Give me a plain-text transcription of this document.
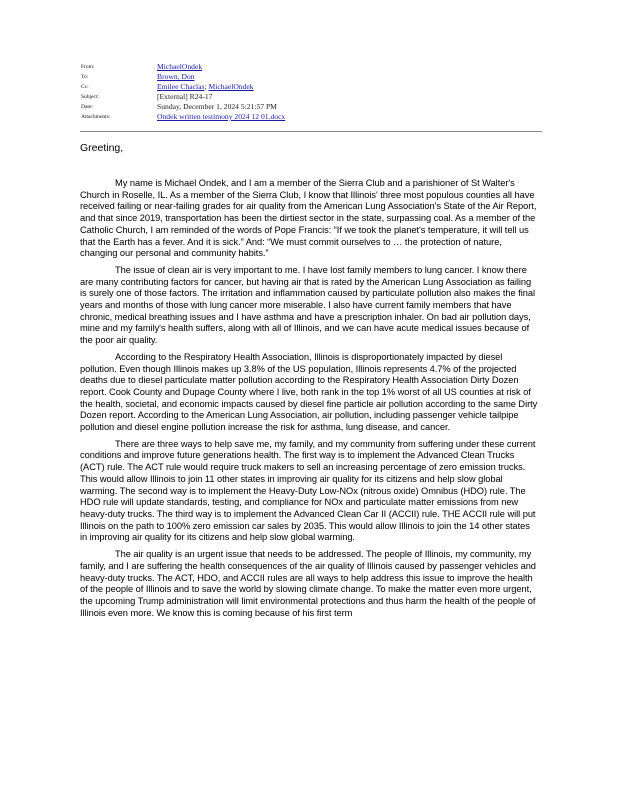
From:	MichaelOndek
To:	Brown, Don
Cc:	Emilee Chaclas; MichaelOndek
Subject:	[External] R24-17
Date:	Sunday, December 1, 2024 5:21:57 PM
Attachments:	Ondek written testimony 2024 12 01.docx
Greeting,

My name is Michael Ondek, and I am a member of the Sierra Club and a parishioner of St Walter's Church in Roselle, IL. As a member of the Sierra Club, I know that Illinois' three most populous counties all have received failing or near-failing grades for air quality from the American Lung Association's State of the Air Report, and that since 2019, transportation has been the dirtiest sector in the state, surpassing coal. As a member of the Catholic Church, I am reminded of the words of Pope Francis: “If we took the planet's temperature, it will tell us that the Earth has a fever. And it is sick.” And: “We must commit ourselves to … the protection of nature, changing our personal and community habits.”

The issue of clean air is very important to me. I have lost family members to lung cancer. I know there are many contributing factors for cancer, but having air that is rated by the American Lung Association as failing is surely one of those factors. The irritation and inflammation caused by particulate pollution also makes the final years and months of those with lung cancer more miserable. I also have current family members that have chronic, medical breathing issues and I have asthma and have a prescription inhaler. On bad air pollution days, mine and my family's health suffers, along with all of Illinois, and we can have acute medical issues because of the poor air quality.

According to the Respiratory Health Association, Illinois is disproportionately impacted by diesel pollution. Even though Illinois makes up 3.8% of the US population, Illinois represents 4.7% of the projected deaths due to diesel particulate matter pollution according to the Respiratory Health Association Dirty Dozen report. Cook County and Dupage County where I live, both rank in the top 1% worst of all US counties at risk of the health, societal, and economic impacts caused by diesel fine particle air pollution according to the same Dirty Dozen report. According to the American Lung Association, air pollution, including passenger vehicle tailpipe pollution and diesel engine pollution increase the risk for asthma, lung disease, and cancer.

There are three ways to help save me, my family, and my community from suffering under these current conditions and improve future generations health. The first way is to implement the Advanced Clean Trucks (ACT) rule. The ACT rule would require truck makers to sell an increasing percentage of zero emission trucks. This would allow Illinois to join 11 other states in improving air quality for its citizens and help slow global warming. The second way is to implement the Heavy-Duty Low-NOx (nitrous oxide) Omnibus (HDO) rule. The HDO rule will update standards, testing, and compliance for NOx and particulate matter emissions from new heavy-duty trucks. The third way is to implement the Advanced Clean Car II (ACCII) rule. THE ACCII rule will put Illinois on the path to 100% zero emission car sales by 2035. This would allow Illinois to join the 14 other states in improving air quality for its citizens and help slow global warming.

The air quality is an urgent issue that needs to be addressed. The people of Illinois, my community, my family, and I are suffering the health consequences of the air quality of Illinois caused by passenger vehicles and heavy-duty trucks. The ACT, HDO, and ACCII rules are all ways to help address this issue to improve the health of the people of Illinois and to save the world by slowing climate change. To make the matter even more urgent, the upcoming Trump administration will limit environmental protections and thus harm the health of the people of Illinois even more. We know this is coming because of his first term
